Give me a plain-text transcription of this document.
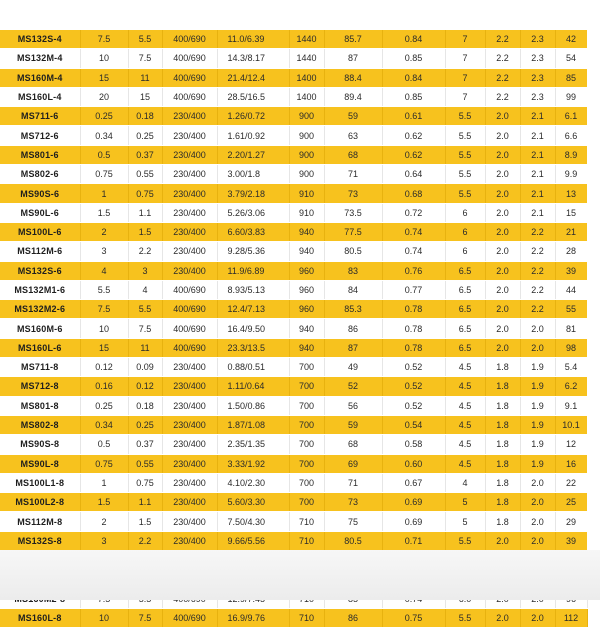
MS132S-4	7.5	5.5	400/690	11.0/6.39	1440	85.7	0.84	7	2.2	2.3	42
MS132M-4	10	7.5	400/690	14.3/8.17	1440	87	0.85	7	2.2	2.3	54
MS160M-4	15	11	400/690	21.4/12.4	1400	88.4	0.84	7	2.2	2.3	85
MS160L-4	20	15	400/690	28.5/16.5	1400	89.4	0.85	7	2.2	2.3	99
MS711-6	0.25	0.18	230/400	1.26/0.72	900	59	0.61	5.5	2.0	2.1	6.1
MS712-6	0.34	0.25	230/400	1.61/0.92	900	63	0.62	5.5	2.0	2.1	6.6
MS801-6	0.5	0.37	230/400	2.20/1.27	900	68	0.62	5.5	2.0	2.1	8.9
MS802-6	0.75	0.55	230/400	3.00/1.8	900	71	0.64	5.5	2.0	2.1	9.9
MS90S-6	1	0.75	230/400	3.79/2.18	910	73	0.68	5.5	2.0	2.1	13
MS90L-6	1.5	1.1	230/400	5.26/3.06	910	73.5	0.72	6	2.0	2.1	15
MS100L-6	2	1.5	230/400	6.60/3.83	940	77.5	0.74	6	2.0	2.2	21
MS112M-6	3	2.2	230/400	9.28/5.36	940	80.5	0.74	6	2.0	2.2	28
MS132S-6	4	3	230/400	11.9/6.89	960	83	0.76	6.5	2.0	2.2	39
MS132M1-6	5.5	4	400/690	8.93/5.13	960	84	0.77	6.5	2.0	2.2	44
MS132M2-6	7.5	5.5	400/690	12.4/7.13	960	85.3	0.78	6.5	2.0	2.2	55
MS160M-6	10	7.5	400/690	16.4/9.50	940	86	0.78	6.5	2.0	2.0	81
MS160L-6	15	11	400/690	23.3/13.5	940	87	0.78	6.5	2.0	2.0	98
MS711-8	0.12	0.09	230/400	0.88/0.51	700	49	0.52	4.5	1.8	1.9	5.4
MS712-8	0.16	0.12	230/400	1.11/0.64	700	52	0.52	4.5	1.8	1.9	6.2
MS801-8	0.25	0.18	230/400	1.50/0.86	700	56	0.52	4.5	1.8	1.9	9.1
MS802-8	0.34	0.25	230/400	1.87/1.08	700	59	0.54	4.5	1.8	1.9	10.1
MS90S-8	0.5	0.37	230/400	2.35/1.35	700	68	0.58	4.5	1.8	1.9	12
MS90L-8	0.75	0.55	230/400	3.33/1.92	700	69	0.60	4.5	1.8	1.9	16
MS100L1-8	1	0.75	230/400	4.10/2.30	700	71	0.67	4	1.8	2.0	22
MS100L2-8	1.5	1.1	230/400	5.60/3.30	700	73	0.69	5	1.8	2.0	25
MS112M-8	2	1.5	230/400	7.50/4.30	710	75	0.69	5	1.8	2.0	29
MS132S-8	3	2.2	230/400	9.66/5.56	710	80.5	0.71	5.5	2.0	2.0	39

MS160L-8	10	7.5	400/690	16.9/9.76	710	86	0.75	5.5	2.0	2.0	112
